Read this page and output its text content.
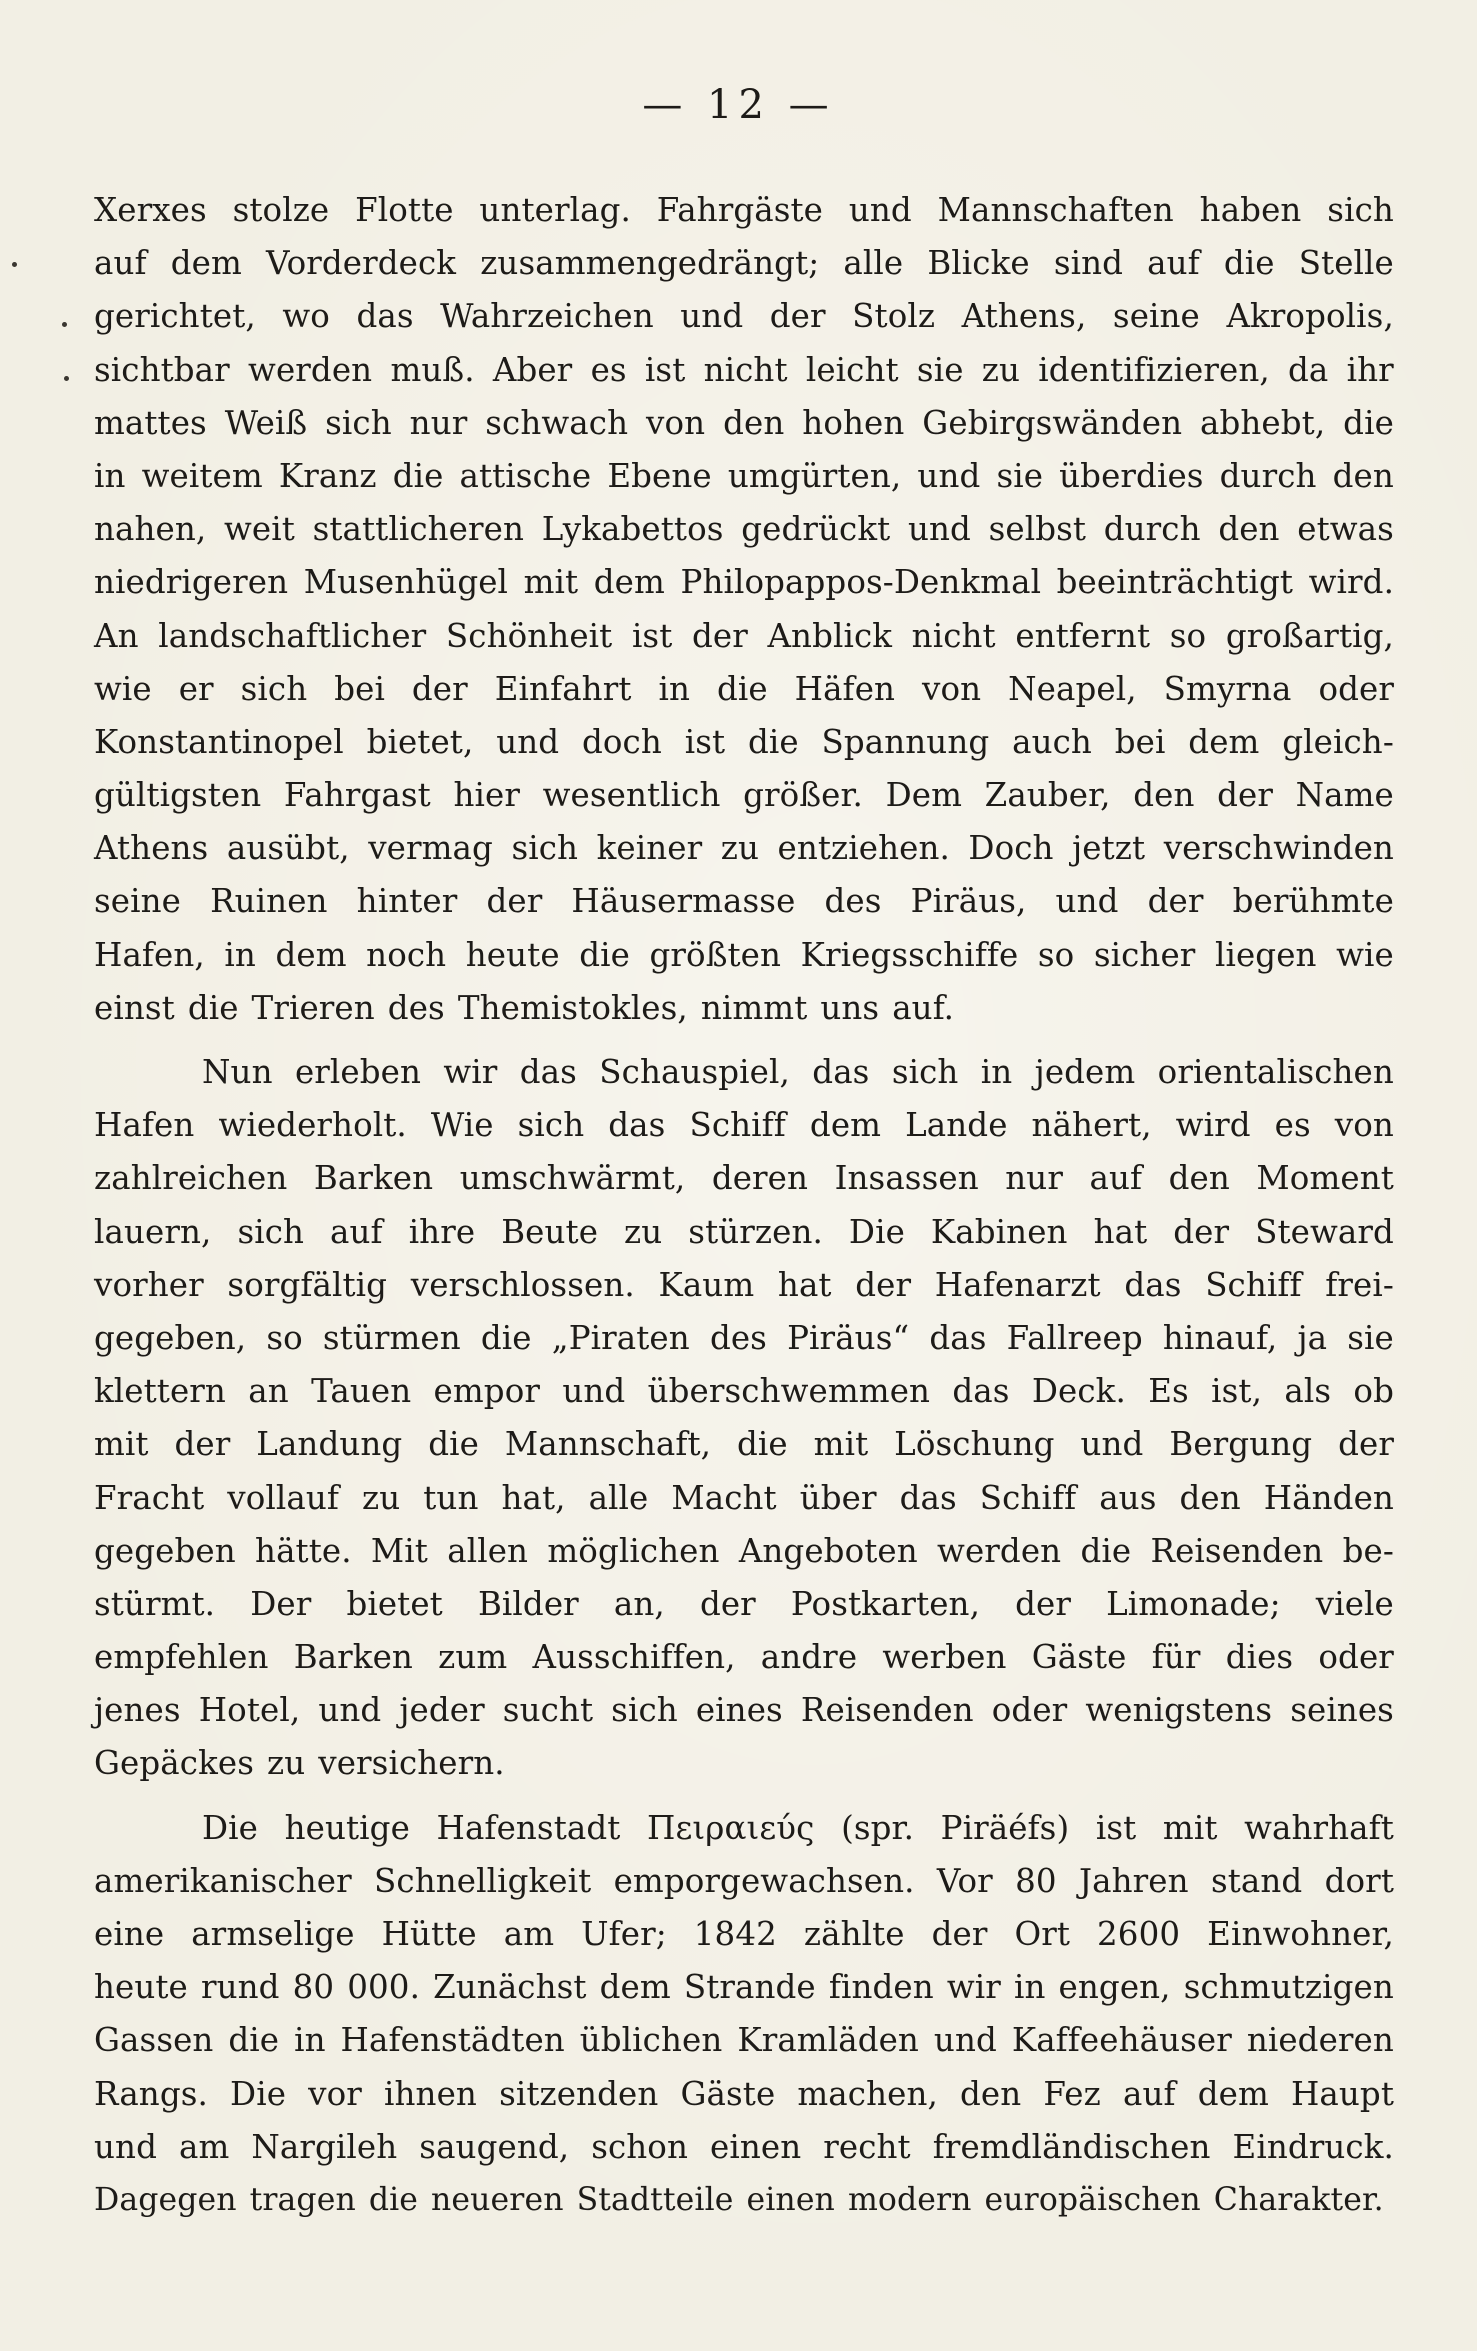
— 12 —
Xerxes stolze Flotte unterlag. Fahrgäste und Mannschaften haben sich
auf dem Vorderdeck zusammengedrängt; alle Blicke sind auf die Stelle
gerichtet, wo das Wahrzeichen und der Stolz Athens, seine Akropolis,
sichtbar werden muß. Aber es ist nicht leicht sie zu identifizieren, da ihr
mattes Weiß sich nur schwach von den hohen Gebirgswänden abhebt, die
in weitem Kranz die attische Ebene umgürten, und sie überdies durch den
nahen, weit stattlicheren Lykabettos gedrückt und selbst durch den etwas
niedrigeren Musenhügel mit dem Philopappos-Denkmal beeinträchtigt wird.
An landschaftlicher Schönheit ist der Anblick nicht entfernt so großartig,
wie er sich bei der Einfahrt in die Häfen von Neapel, Smyrna oder
Konstantinopel bietet, und doch ist die Spannung auch bei dem gleich-
gültigsten Fahrgast hier wesentlich größer. Dem Zauber, den der Name
Athens ausübt, vermag sich keiner zu entziehen. Doch jetzt verschwinden
seine Ruinen hinter der Häusermasse des Piräus, und der berühmte
Hafen, in dem noch heute die größten Kriegsschiffe so sicher liegen wie
einst die Trieren des Themistokles, nimmt uns auf.
Nun erleben wir das Schauspiel, das sich in jedem orientalischen
Hafen wiederholt. Wie sich das Schiff dem Lande nähert, wird es von
zahlreichen Barken umschwärmt, deren Insassen nur auf den Moment
lauern, sich auf ihre Beute zu stürzen. Die Kabinen hat der Steward
vorher sorgfältig verschlossen. Kaum hat der Hafenarzt das Schiff frei-
gegeben, so stürmen die „Piraten des Piräus“ das Fallreep hinauf, ja sie
klettern an Tauen empor und überschwemmen das Deck. Es ist, als ob
mit der Landung die Mannschaft, die mit Löschung und Bergung der
Fracht vollauf zu tun hat, alle Macht über das Schiff aus den Händen
gegeben hätte. Mit allen möglichen Angeboten werden die Reisenden be-
stürmt. Der bietet Bilder an, der Postkarten, der Limonade; viele
empfehlen Barken zum Ausschiffen, andre werben Gäste für dies oder
jenes Hotel, und jeder sucht sich eines Reisenden oder wenigstens seines
Gepäckes zu versichern.
Die heutige Hafenstadt Πειραιεύς (spr. Piräéfs) ist mit wahrhaft
amerikanischer Schnelligkeit emporgewachsen. Vor 80 Jahren stand dort
eine armselige Hütte am Ufer; 1842 zählte der Ort 2600 Einwohner,
heute rund 80 000. Zunächst dem Strande finden wir in engen, schmutzigen
Gassen die in Hafenstädten üblichen Kramläden und Kaffeehäuser niederen
Rangs. Die vor ihnen sitzenden Gäste machen, den Fez auf dem Haupt
und am Nargileh saugend, schon einen recht fremdländischen Eindruck.
Dagegen tragen die neueren Stadtteile einen modern europäischen Charakter.
